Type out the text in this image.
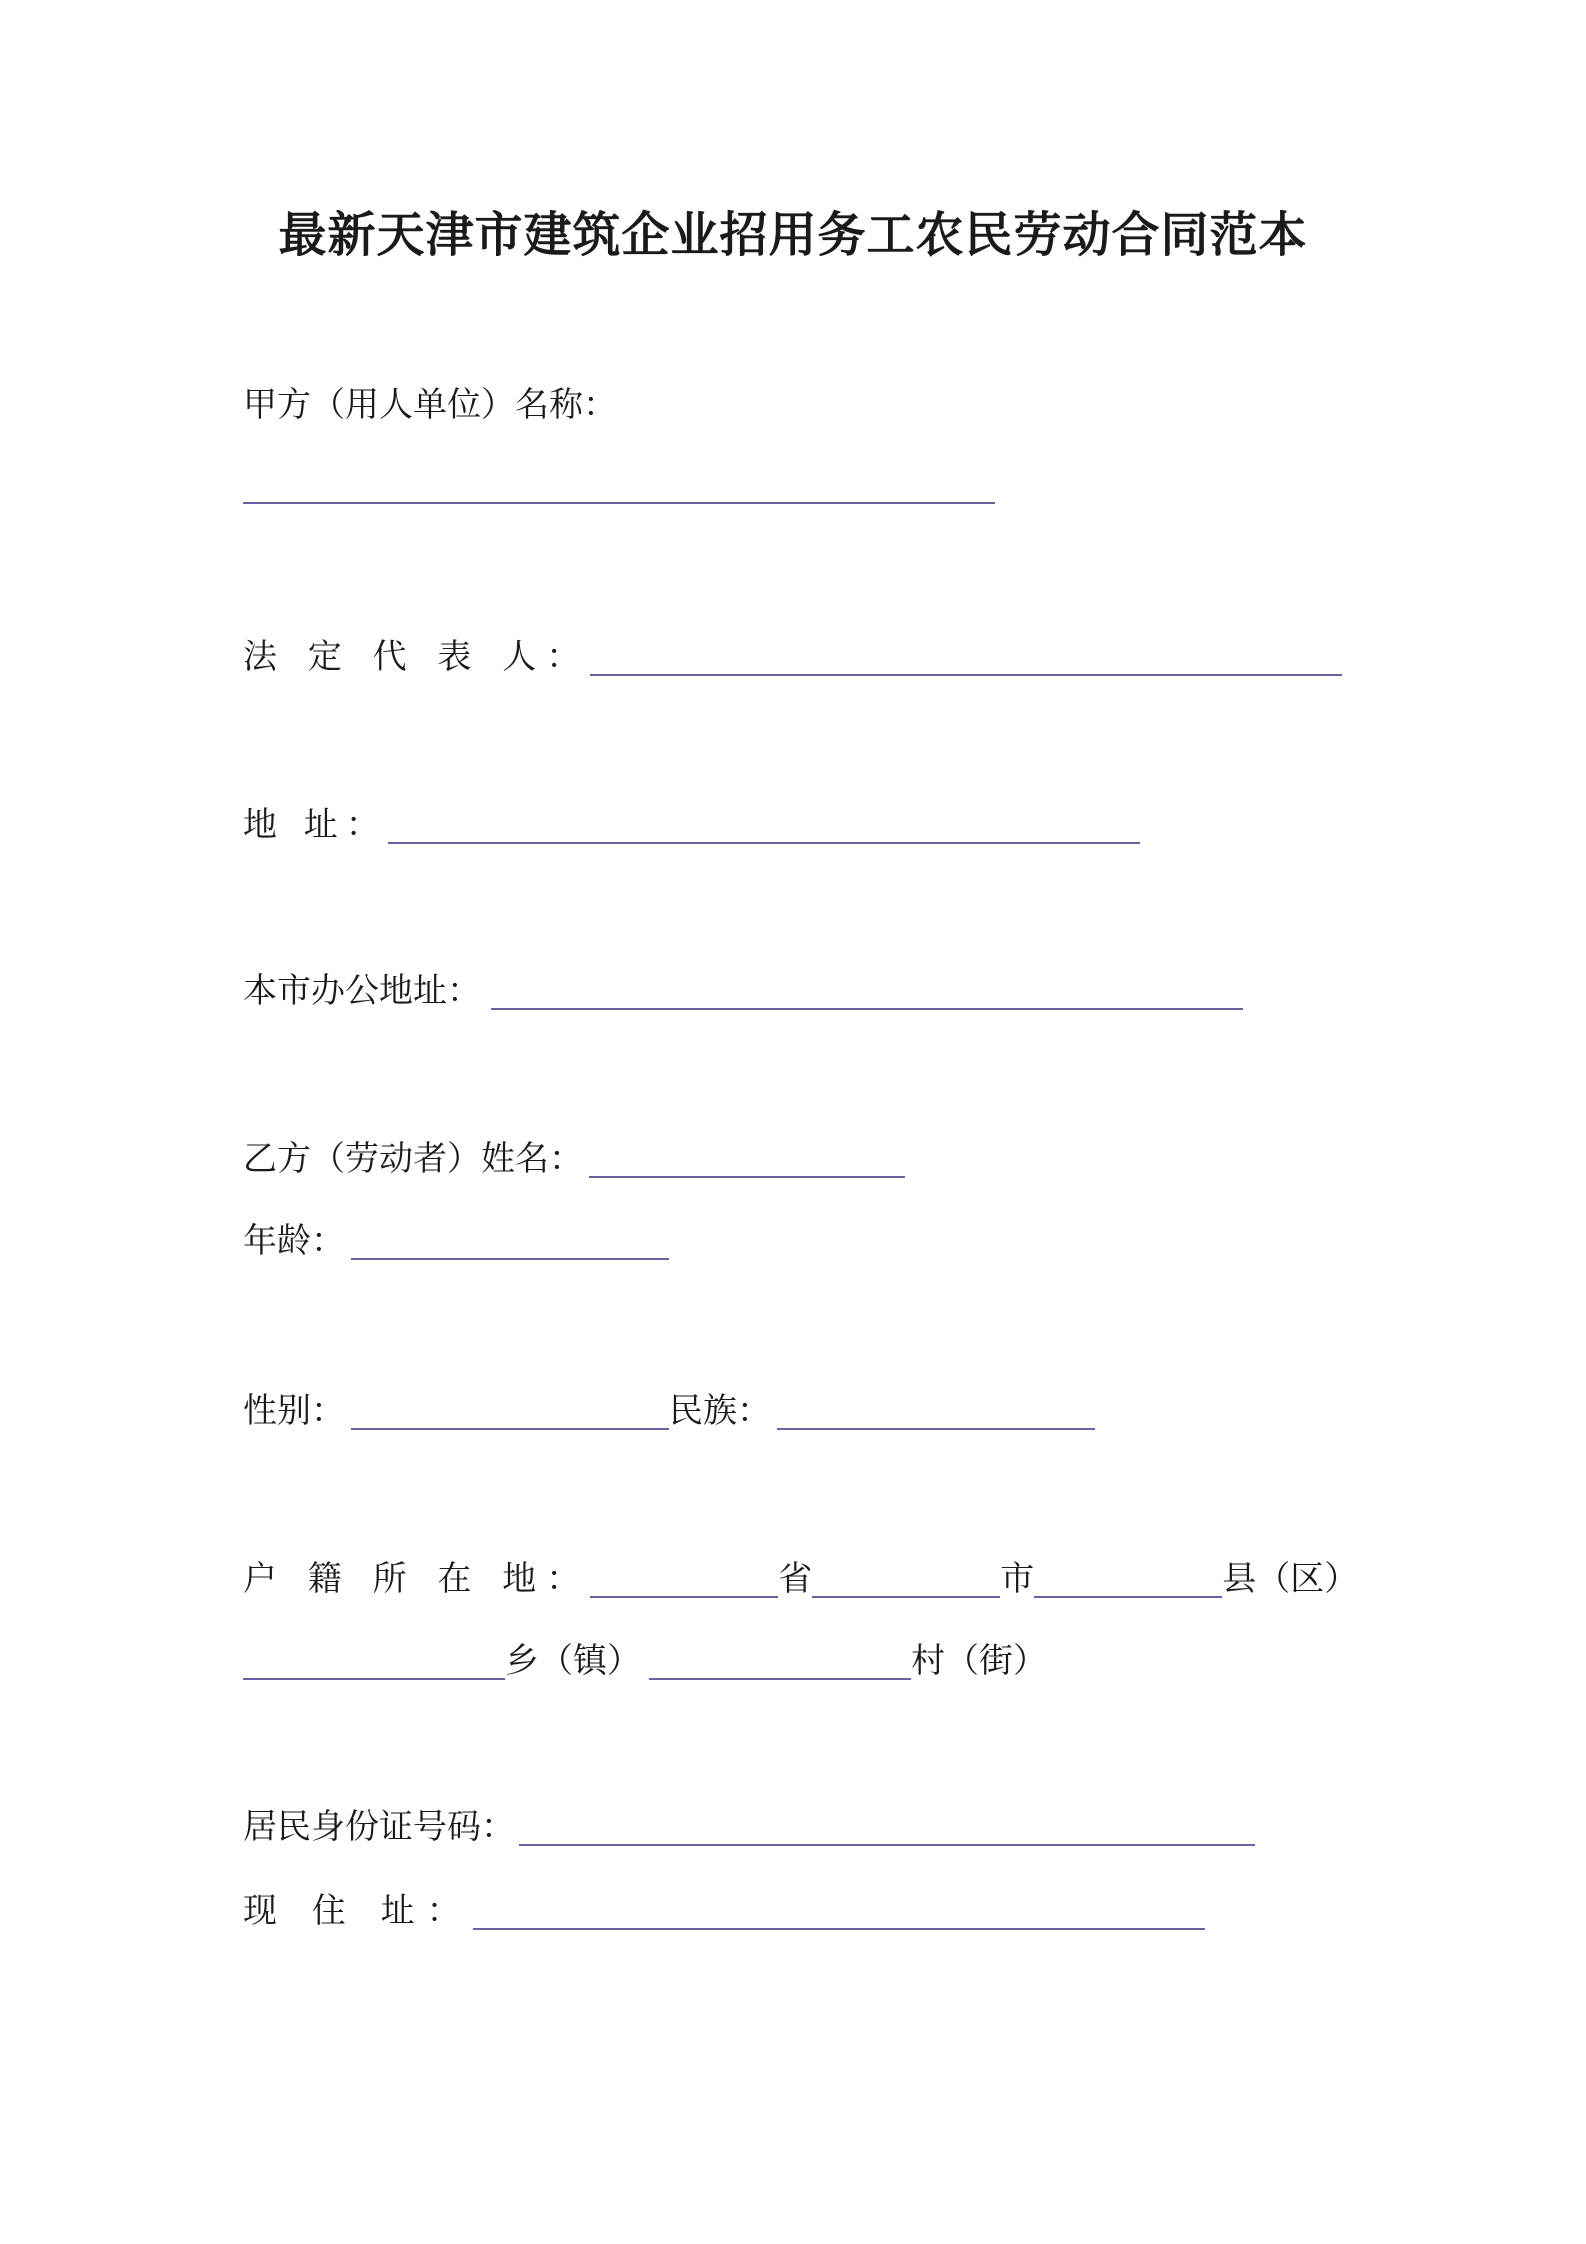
最新天津市建筑企业招用务工农民劳动合同范本
甲方（用人单位）名称：
法 定 代 表 人：
地 址：
本市办公地址：
乙方（劳动者）姓名：
年龄：
性别：	民族：
户 籍 所 在 地：	省	市	县（区）
乡（镇）	村（街）
居民身份证号码：
现 住 址：
